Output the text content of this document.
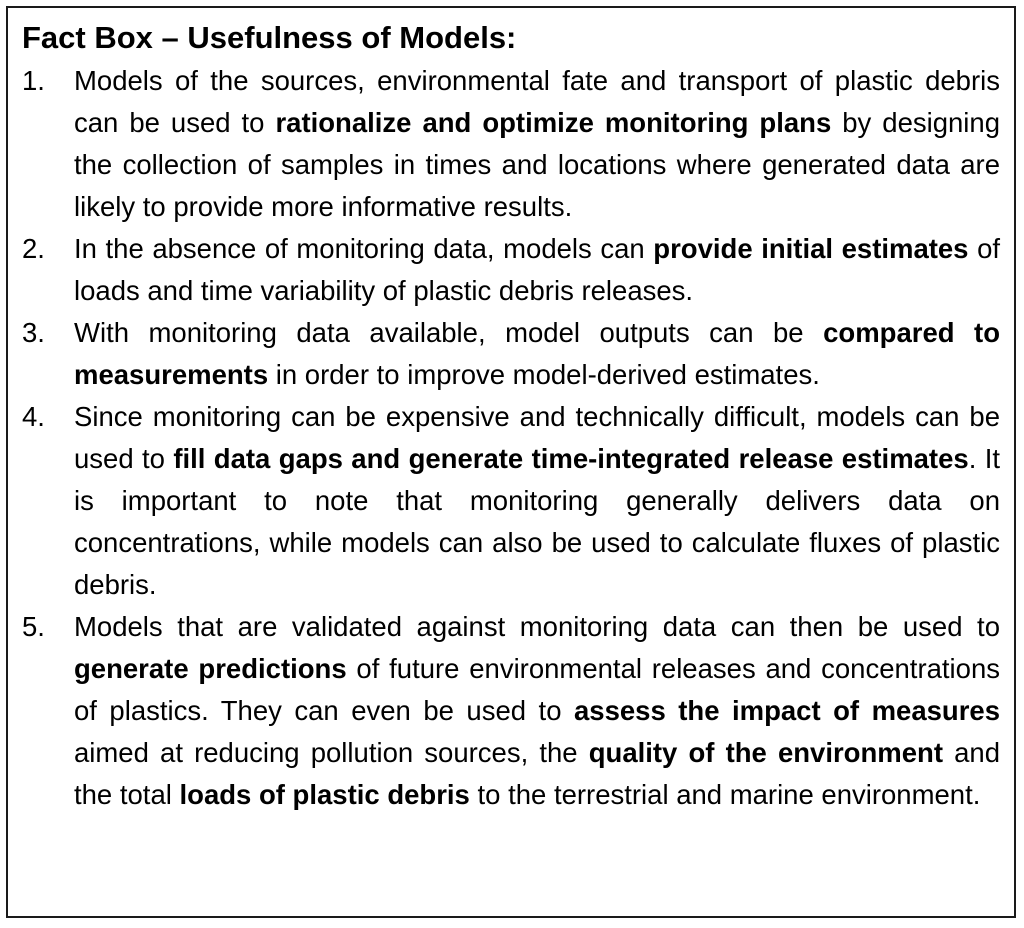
Fact Box – Usefulness of Models:
1. Models of the sources, environmental fate and transport of plastic debris can be used to rationalize and optimize monitoring plans by designing the collection of samples in times and locations where generated data are likely to provide more informative results.
2. In the absence of monitoring data, models can provide initial estimates of loads and time variability of plastic debris releases.
3. With monitoring data available, model outputs can be compared to measurements in order to improve model-derived estimates.
4. Since monitoring can be expensive and technically difficult, models can be used to fill data gaps and generate time-integrated release estimates. It is important to note that monitoring generally delivers data on concentrations, while models can also be used to calculate fluxes of plastic debris.
5. Models that are validated against monitoring data can then be used to generate predictions of future environmental releases and concentrations of plastics. They can even be used to assess the impact of measures aimed at reducing pollution sources, the quality of the environment and the total loads of plastic debris to the terrestrial and marine environment.
